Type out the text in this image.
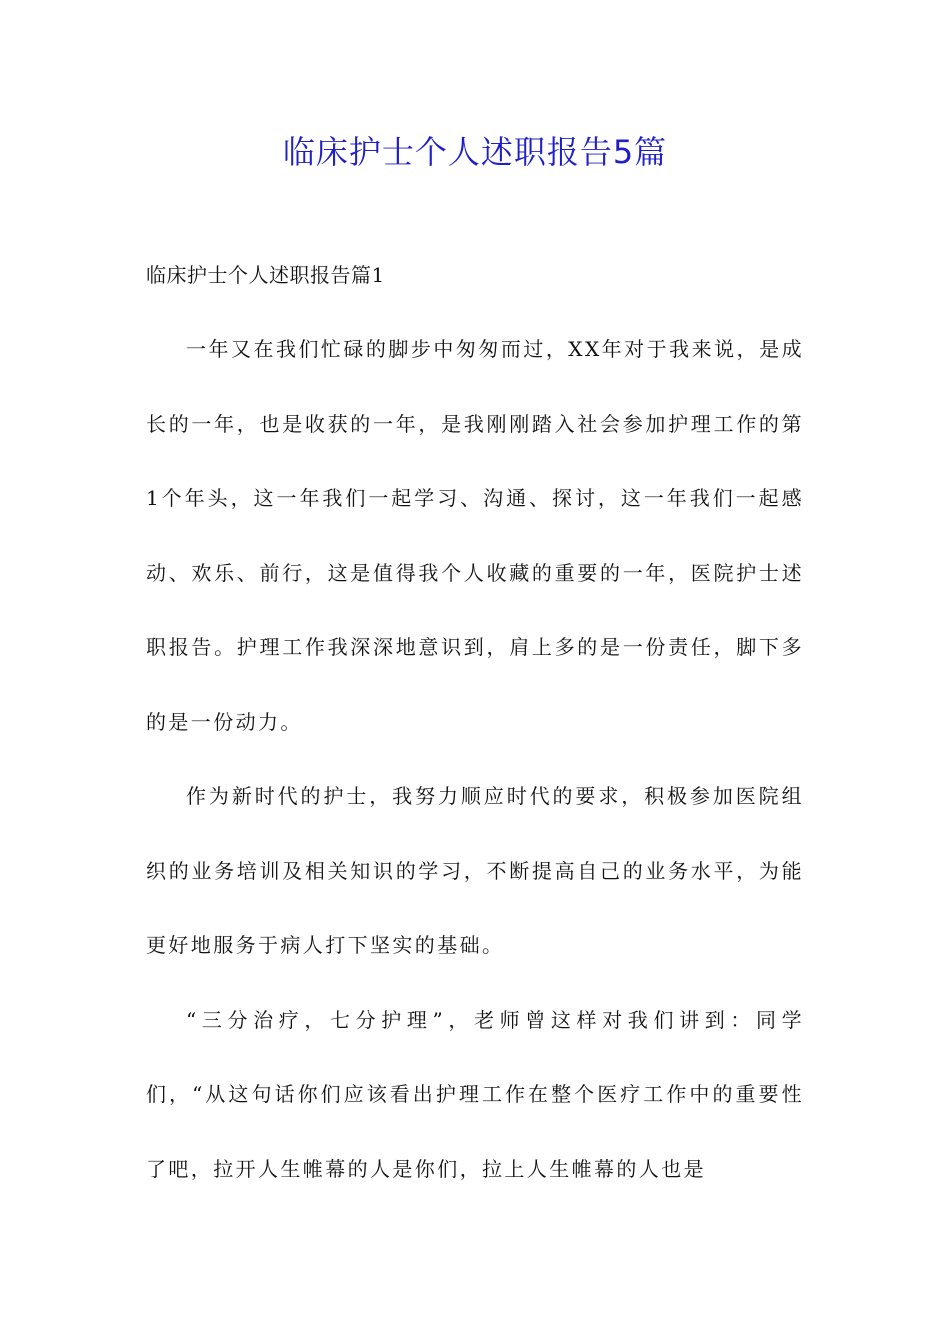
临床护士个人述职报告5篇

临床护士个人述职报告篇1

一年又在我们忙碌的脚步中匆匆而过，XX年对于我来说，是成长的一年，也是收获的一年，是我刚刚踏入社会参加护理工作的第1个年头，这一年我们一起学习、沟通、探讨，这一年我们一起感动、欢乐、前行，这是值得我个人收藏的重要的一年，医院护士述职报告。护理工作我深深地意识到，肩上多的是一份责任，脚下多的是一份动力。

作为新时代的护士，我努力顺应时代的要求，积极参加医院组织的业务培训及相关知识的学习，不断提高自己的业务水平，为能更好地服务于病人打下坚实的基础。

“三分治疗，七分护理”，老师曾这样对我们讲到：同学们，“从这句话你们应该看出护理工作在整个医疗工作中的重要性了吧，拉开人生帷幕的人是你们，拉上人生帷幕的人也是
